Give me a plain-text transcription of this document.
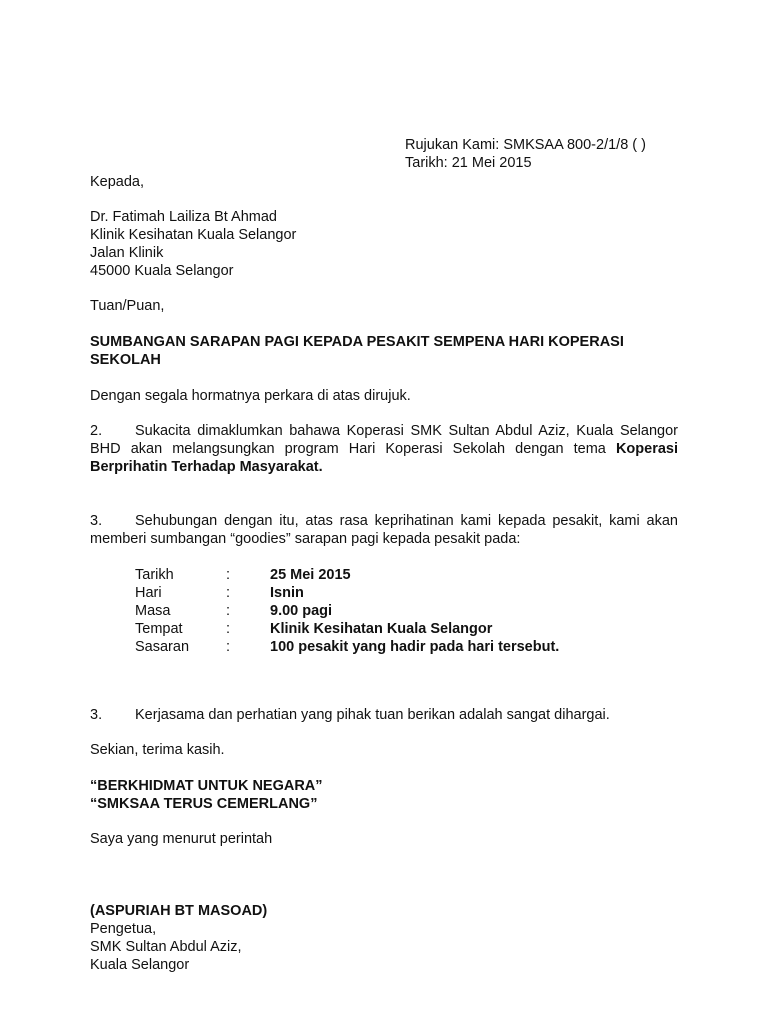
Rujukan Kami: SMKSAA 800-2/1/8 ( )

Tarikh: 21 Mei 2015

Kepada,

Dr. Fatimah Lailiza Bt Ahmad

Klinik Kesihatan Kuala Selangor

Jalan Klinik

45000 Kuala Selangor

Tuan/Puan,

SUMBANGAN SARAPAN PAGI KEPADA PESAKIT SEMPENA HARI KOPERASI

SEKOLAH

Dengan segala hormatnya perkara di atas dirujuk.

2. Sukacita dimaklumkan bahawa Koperasi SMK Sultan Abdul Aziz, Kuala Selangor BHD akan melangsungkan program Hari Koperasi Sekolah dengan tema Koperasi Berprihatin Terhadap Masyarakat.

3. Sehubungan dengan itu, atas rasa keprihatinan kami kepada pesakit, kami akan memberi sumbangan “goodies” sarapan pagi kepada pesakit pada:

Tarikh	:	25 Mei 2015
Hari	:	Isnin
Masa	:	9.00 pagi
Tempat	:	Klinik Kesihatan Kuala Selangor
Sasaran	:	100 pesakit yang hadir pada hari tersebut.

3. Kerjasama dan perhatian yang pihak tuan berikan adalah sangat dihargai.

Sekian, terima kasih.

“BERKHIDMAT UNTUK NEGARA”

“SMKSAA TERUS CEMERLANG”

Saya yang menurut perintah

(ASPURIAH BT MASOAD)

Pengetua,

SMK Sultan Abdul Aziz,

Kuala Selangor
